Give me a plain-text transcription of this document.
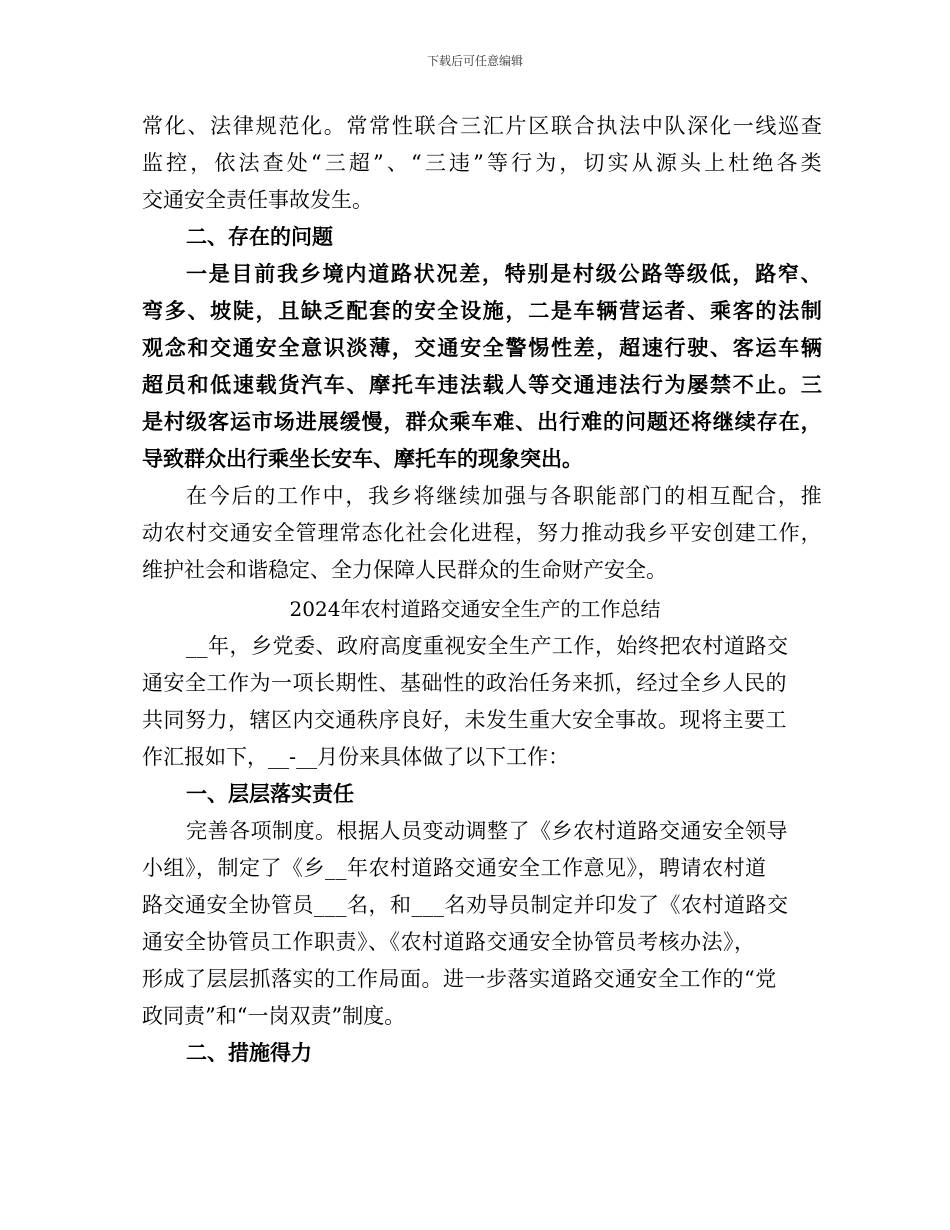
下载后可任意编辑
常 化 、 法 律 规 范 化 。 常 常 性 联 合 三 汇 片 区 联 合 执 法 中 队 深 化 一 线 巡 查
监 控 ， 依 法 查 处 “ 三 超 ” 、 “ 三 违 ” 等 行 为 ， 切 实 从 源 头 上 杜 绝 各 类
交通安全责任事故发生。
二、存在的问题
一 是 目 前 我 乡 境 内 道 路 状 况 差 ， 特 别 是 村 级 公 路 等 级 低 ， 路 窄 、
弯 多 、 坡 陡 ， 且 缺 乏 配 套 的 安 全 设 施 ， 二 是 车 辆 营 运 者 、 乘 客 的 法 制
观 念 和 交 通 安 全 意 识 淡 薄 ， 交 通 安 全 警 惕 性 差 ， 超 速 行 驶 、 客 运 车 辆
超 员 和 低 速 载 货 汽 车 、 摩 托 车 违 法 载 人 等 交 通 违 法 行 为 屡 禁 不 止 。 三
是 村 级 客 运 市 场 进 展 缓 慢 ， 群 众 乘 车 难 、 出 行 难 的 问 题 还 将 继 续 存 在 ，
导致群众出行乘坐长安车、摩托车的现象突出。
在 今 后 的 工 作 中 ， 我 乡 将 继 续 加 强 与 各 职 能 部 门 的 相 互 配 合 ， 推
动 农 村 交 通 安 全 管 理 常 态 化 社 会 化 进 程 ， 努 力 推 动 我 乡 平 安 创 建 工 作 ，
维护社会和谐稳定、全力保障人民群众的生命财产安全。
2024年农村道路交通安全生产的工作总结
__年，乡党委、政府高度重视安全生产工作，始终把农村道路交
通安全工作为一项长期性、基础性的政治任务来抓，经过全乡人民的
共同努力，辖区内交通秩序良好，未发生重大安全事故。现将主要工
作汇报如下，__-__月份来具体做了以下工作：
一、层层落实责任
完善各项制度。根据人员变动调整了《乡农村道路交通安全领导
小组》，制定了《乡__年农村道路交通安全工作意见》，聘请农村道
路交通安全协管员___名，和___名劝导员制定并印发了《农村道路交
通安全协管员工作职责》、《农村道路交通安全协管员考核办法》，
形成了层层抓落实的工作局面。进一步落实道路交通安全工作的“党
政同责”和“一岗双责”制度。
二、措施得力
